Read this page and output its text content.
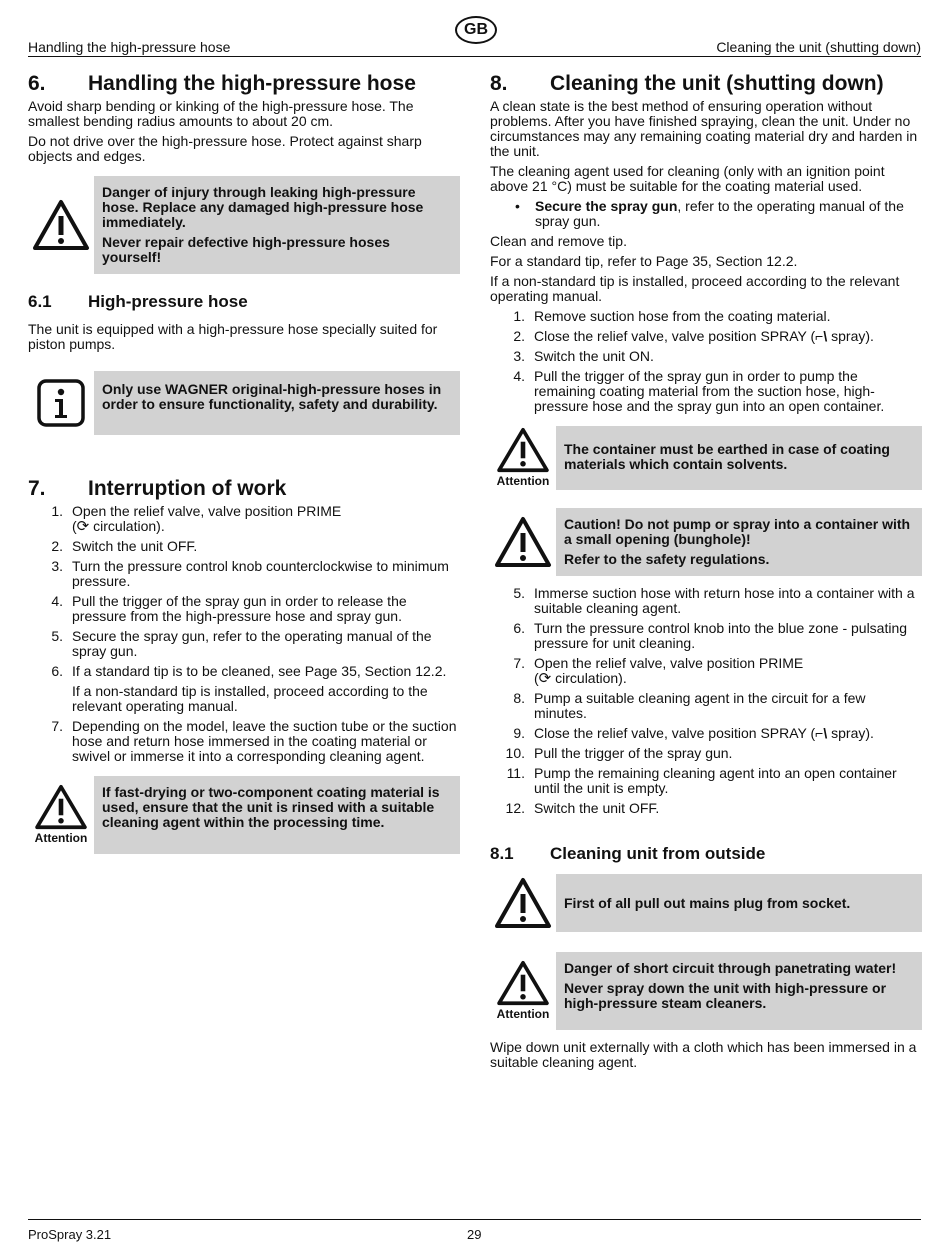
GB
Handling the high-pressure hose	Cleaning the unit (shutting down)
6.	Handling the high-pressure hose

Avoid sharp bending or kinking of the high-pressure hose. The smallest bending radius amounts to about 20 cm.

Do not drive over the high-pressure hose. Protect against sharp objects and edges.

Danger of injury through leaking high-pressure hose. Replace any damaged high-pressure hose immediately.

Never repair defective high-pressure hoses yourself!

6.1	High-pressure hose

The unit is equipped with a high-pressure hose specially suited for piston pumps.

Only use WAGNER original-high-pressure hoses in order to ensure functionality, safety and durability.

7.	Interruption of work
1. Open the relief valve, valve position PRIME
(⟳ circulation).
2. Switch the unit OFF.
3. Turn the pressure control knob counterclockwise to minimum pressure.
4. Pull the trigger of the spray gun in order to release the pressure from the high-pressure hose and spray gun.
5. Secure the spray gun, refer to the operating manual of the spray gun.
6. If a standard tip is to be cleaned, see Page 35, Section 12.2.

If a non-standard tip is installed, proceed according to the relevant operating manual.

7. Depending on the model, leave the suction tube or the suction hose and return hose immersed in the coating material or swivel or immerse it into a corresponding cleaning agent.
Attention

If fast-drying or two-component coating material is used, ensure that the unit is rinsed with a suitable cleaning agent within the processing time.

8.	Cleaning the unit (shutting down)

A clean state is the best method of ensuring operation without problems. After you have finished spraying, clean the unit. Under no circumstances may any remaining coating material dry and harden in the unit.

The cleaning agent used for cleaning (only with an ignition point above 21 °C) must be suitable for the coating material used.

•	Secure the spray gun, refer to the operating manual of the spray gun.

Clean and remove tip.

For a standard tip, refer to Page 35, Section 12.2.

If a non-standard tip is installed, proceed according to the relevant operating manual.

1. Remove suction hose from the coating material.
2. Close the relief valve, valve position SPRAY (⌐\ spray).
3. Switch the unit ON.
4. Pull the trigger of the spray gun in order to pump the remaining coating material from the suction hose, high-pressure hose and the spray gun into an open container.
Attention

The container must be earthed in case of coating materials which contain solvents.

Caution! Do not pump or spray into a container with a small opening (bunghole)!

Refer to the safety regulations.

5. Immerse suction hose with return hose into a container with a suitable cleaning agent.
6. Turn the pressure control knob into the blue zone - pulsating pressure for unit cleaning.
7. Open the relief valve, valve position PRIME
(⟳ circulation).
8. Pump a suitable cleaning agent in the circuit for a few minutes.
9. Close the relief valve, valve position SPRAY (⌐\ spray).
10. Pull the trigger of the spray gun.
11. Pump the remaining cleaning agent into an open container until the unit is empty.
12. Switch the unit OFF.
8.1	Cleaning unit from outside

First of all pull out mains plug from socket.

Attention

Danger of short circuit through panetrating water!

Never spray down the unit with high-pressure or high-pressure steam cleaners.

Wipe down unit externally with a cloth which has been immersed in a suitable cleaning agent.

ProSpray 3.21	29
